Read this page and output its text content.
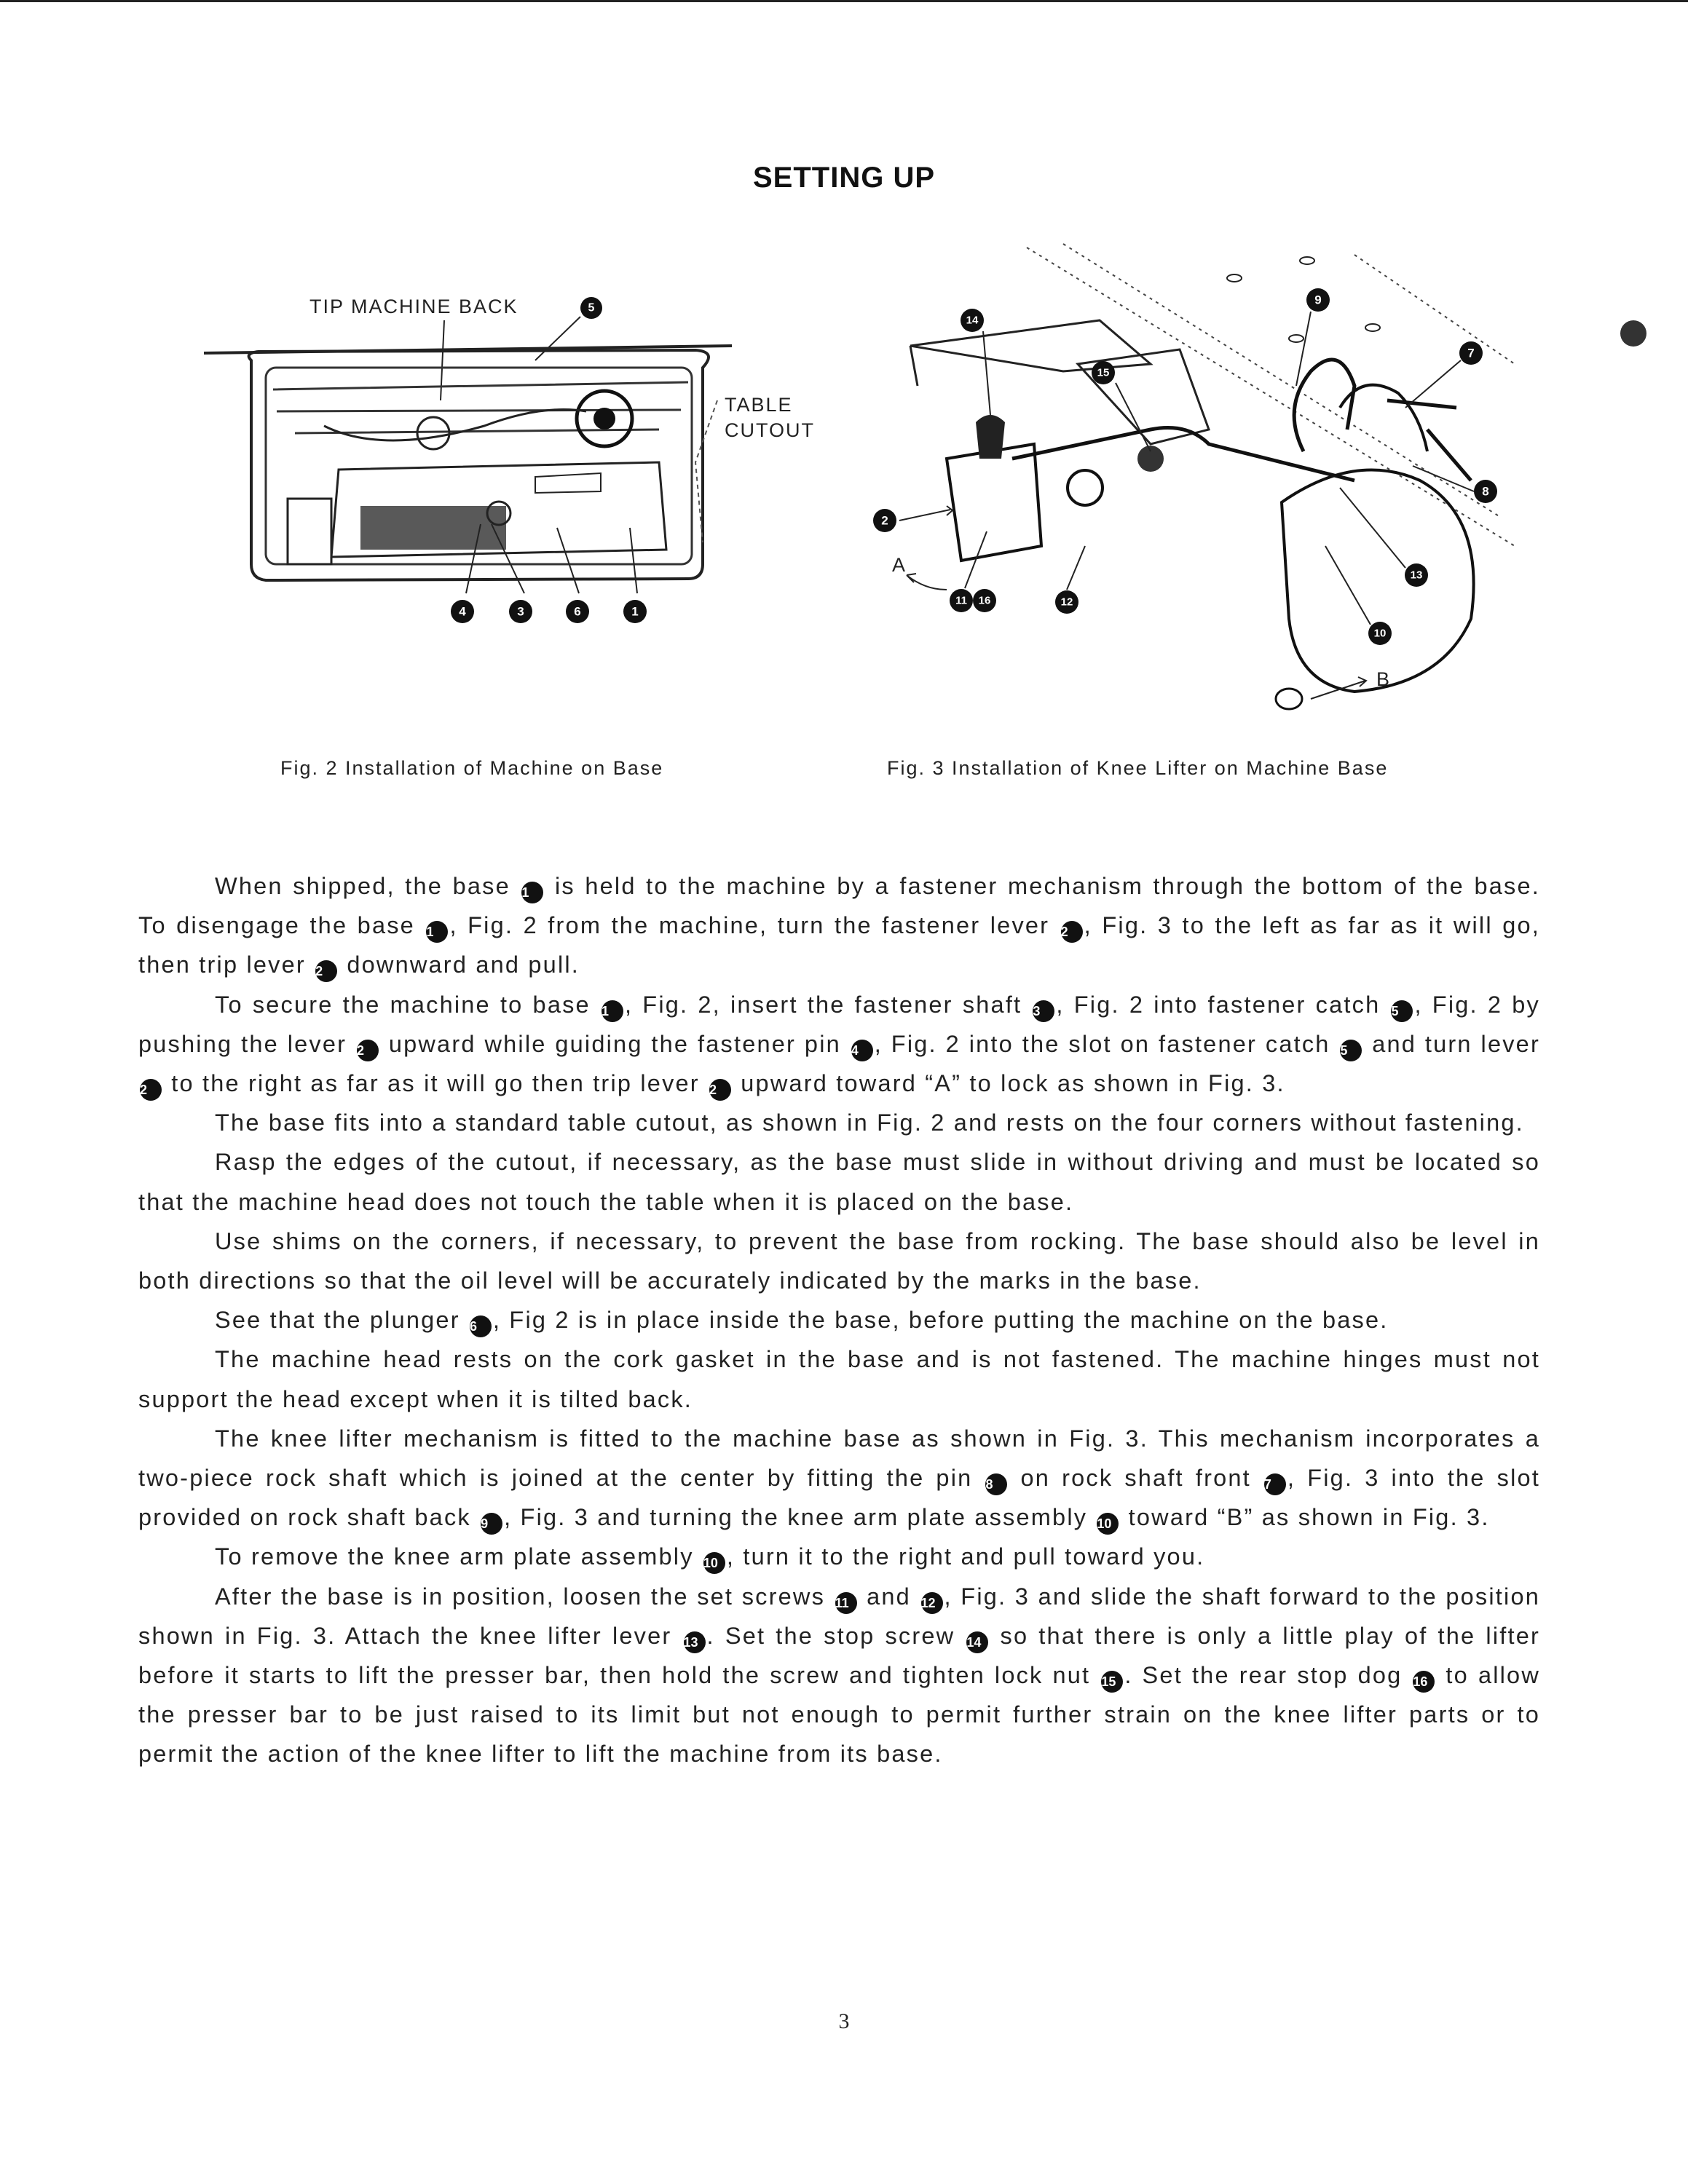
SETTING UP
TIP MACHINE BACK	5
TABLE
CUTOUT
4	3	6	1
Fig. 2 Installation of Machine on Base
14
15
9
7
8
13
10
2
11 16	12
A
B
Fig. 3 Installation of Knee Lifter on Machine Base

When shipped, the base 1 is held to the machine by a fastener mechanism through the bottom of the base. To disengage the base 1 , Fig. 2 from the machine, turn the fastener lever 2 , Fig. 3 to the left as far as it will go, then trip lever 2 downward and pull.

To secure the machine to base 1 , Fig. 2, insert the fastener shaft 3 , Fig. 2 into fastener catch 5 , Fig. 2 by pushing the lever 2 upward while guiding the fastener pin 4 , Fig. 2 into the slot on fastener catch 5 and turn lever 2 to the right as far as it will go then trip lever 2 upward toward “A” to lock as shown in Fig. 3.

The base fits into a standard table cutout, as shown in Fig. 2 and rests on the four corners without fastening.

Rasp the edges of the cutout, if necessary, as the base must slide in without driving and must be located so that the machine head does not touch the table when it is placed on the base.

Use shims on the corners, if necessary, to prevent the base from rocking. The base should also be level in both directions so that the oil level will be accurately indicated by the marks in the base.

See that the plunger 6 , Fig 2 is in place inside the base, before putting the machine on the base.

The machine head rests on the cork gasket in the base and is not fastened. The machine hinges must not support the head except when it is tilted back.

The knee lifter mechanism is fitted to the machine base as shown in Fig. 3. This mechanism incorporates a two-piece rock shaft which is joined at the center by fitting the pin 8 on rock shaft front 7 , Fig. 3 into the slot provided on rock shaft back 9 , Fig. 3 and turning the knee arm plate assembly 10 toward “B” as shown in Fig. 3.

To remove the knee arm plate assembly 10 , turn it to the right and pull toward you.

After the base is in position, loosen the set screws 11 and 12 , Fig. 3 and slide the shaft forward to the position shown in Fig. 3. Attach the knee lifter lever 13 . Set the stop screw 14 so that there is only a little play of the lifter before it starts to lift the presser bar, then hold the screw and tighten lock nut 15 . Set the rear stop dog 16 to allow the presser bar to be just raised to its limit but not enough to permit further strain on the knee lifter parts or to permit the action of the knee lifter to lift the machine from its base.

3
